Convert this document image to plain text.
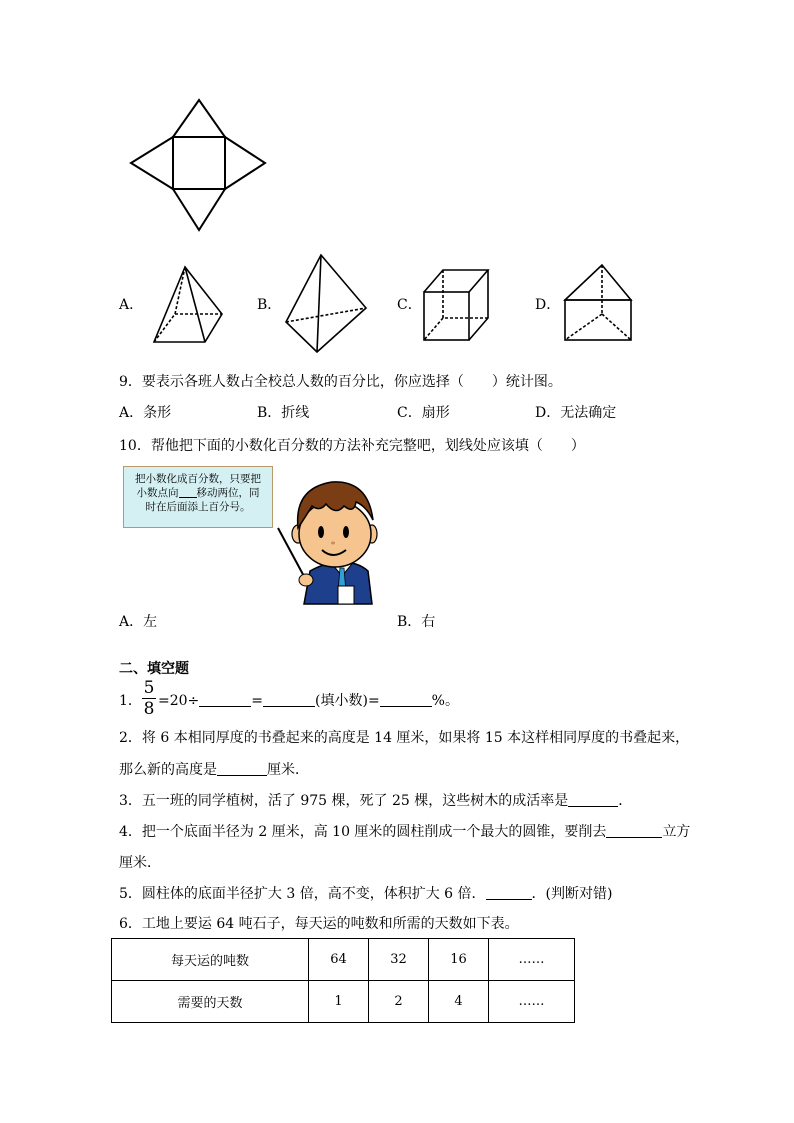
A．	B．	C．	D．
9．要表示各班人数占全校总人数的百分比，你应选择（　　）统计图。
A．条形	B．折线	C．扇形	D．无法确定
10．帮他把下面的小数化百分数的方法补充完整吧，划线处应该填（　　）
把小数化成百分数，只要把
小数点向 移动两位，同
时在后面添上百分号。
A．左	B．右
二、填空题
1．
5
8 =20÷	=	(填小数)=	%。
2．将 6 本相同厚度的书叠起来的高度是 14 厘米，如果将 15 本这样相同厚度的书叠起来，
那么新的高度是	厘米．
3．五一班的同学植树，活了 975 棵，死了 25 棵，这些树木的成活率是	．
4．把一个底面半径为 2 厘米，高 10 厘米的圆柱削成一个最大的圆锥，要削去	立方
厘米．
5．圆柱体的底面半径扩大 3 倍，高不变，体积扩大 6 倍．	．(判断对错)
6．工地上要运 64 吨石子，每天运的吨数和所需的天数如下表。
每天运的吨数	64	32	16	……
需要的天数	1	2	4	……
